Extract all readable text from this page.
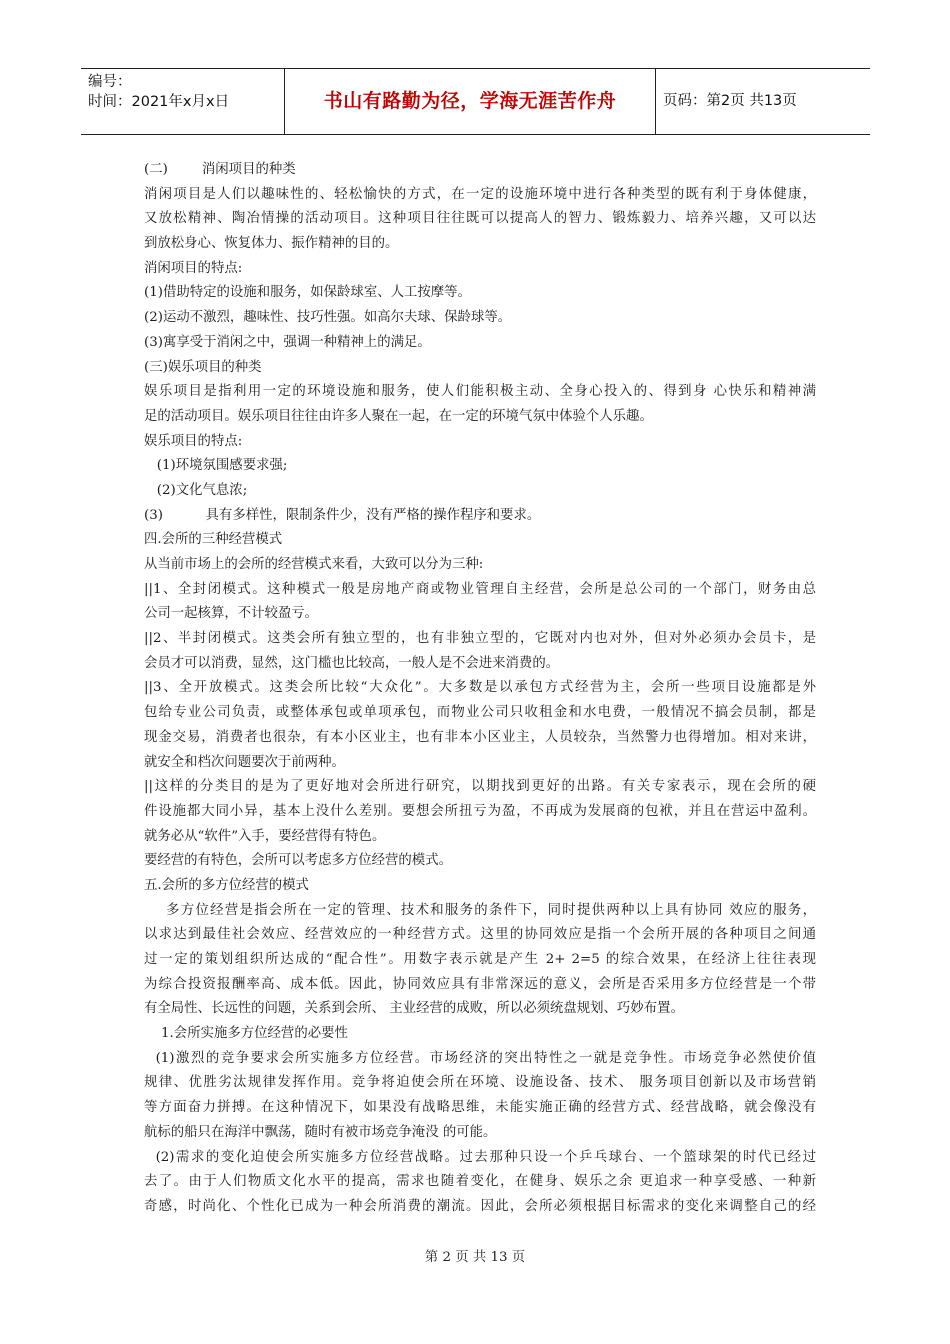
编号：
时间：2021年x月x日	书山有路勤为径，学海无涯苦作舟	页码：第2页 共13页
(二)        消闲项目的种类
消闲项目是人们以趣味性的、轻松愉快的方式，在一定的设施环境中进行各种类型的既有利于身体健康，
又放松精神、陶冶情操的活动项目。这种项目往往既可以提高人的智力、锻炼毅力、培养兴趣，又可以达
到放松身心、恢复体力、振作精神的目的。
消闲项目的特点:
(1)借助特定的设施和服务，如保龄球室、人工按摩等。
(2)运动不激烈，趣味性、技巧性强。如高尔夫球、保龄球等。
(3)寓享受于消闲之中，强调一种精神上的满足。
(三)娱乐项目的种类
娱乐项目是指利用一定的环境设施和服务，使人们能积极主动、全身心投入的、得到身 心快乐和精神满
足的活动项目。娱乐项目往往由许多人聚在一起，在一定的环境气氛中体验个人乐趣。
娱乐项目的特点:
(1)环境氛围感要求强;
(2)文化气息浓;
(3)          具有多样性，限制条件少，没有严格的操作程序和要求。
四.会所的三种经营模式
从当前市场上的会所的经营模式来看，大致可以分为三种:
||1、全封闭模式。这种模式一般是房地产商或物业管理自主经营，会所是总公司的一个部门，财务由总
公司一起核算，不计较盈亏。
||2、半封闭模式。这类会所有独立型的，也有非独立型的，它既对内也对外，但对外必须办会员卡，是
会员才可以消费，显然，这门槛也比较高，一般人是不会进来消费的。
||3、全开放模式。这类会所比较“大众化”。大多数是以承包方式经营为主，会所一些项目设施都是外
包给专业公司负责，或整体承包或单项承包，而物业公司只收租金和水电费，一般情况不搞会员制，都是
现金交易，消费者也很杂，有本小区业主，也有非本小区业主，人员较杂，当然警力也得增加。相对来讲，
就安全和档次问题要次于前两种。
||这样的分类目的是为了更好地对会所进行研究，以期找到更好的出路。有关专家表示，现在会所的硬
件设施都大同小异，基本上没什么差别。要想会所扭亏为盈，不再成为发展商的包袱，并且在营运中盈利。
就务必从“软件”入手，要经营得有特色。
要经营的有特色，会所可以考虑多方位经营的模式。
五.会所的多方位经营的模式
多方位经营是指会所在一定的管理、技术和服务的条件下，同时提供两种以上具有协同 效应的服务，
以求达到最佳社会效应、经营效应的一种经营方式。这里的协同效应是指一个会所开展的各种项目之间通
过一定的策划组织所达成的“配合性”。用数字表示就是产生 2+ 2=5 的综合效果，在经济上往往表现
为综合投资报酬率高、成本低。因此，协同效应具有非常深远的意义，会所是否采用多方位经营是一个带
有全局性、长远性的问题，关系到会所、 主业经营的成败，所以必须统盘规划、巧妙布置。
1.会所实施多方位经营的必要性
(1)激烈的竞争要求会所实施多方位经营。市场经济的突出特性之一就是竞争性。市场竞争必然使价值
规律、优胜劣汰规律发挥作用。竞争将迫使会所在环境、设施设备、技术、 服务项目创新以及市场营销
等方面奋力拼搏。在这种情况下，如果没有战略思维，未能实施正确的经营方式、经营战略，就会像没有
航标的船只在海洋中飘荡，随时有被市场竞争淹没 的可能。
(2)需求的变化迫使会所实施多方位经营战略。过去那种只设一个乒乓球台、一个篮球架的时代已经过
去了。由于人们物质文化水平的提高，需求也随着变化，在健身、娱乐之余 更追求一种享受感、一种新
奇感，时尚化、个性化已成为一种会所消费的潮流。因此，会所必须根据目标需求的变化来调整自己的经
第 2 页 共 13 页
